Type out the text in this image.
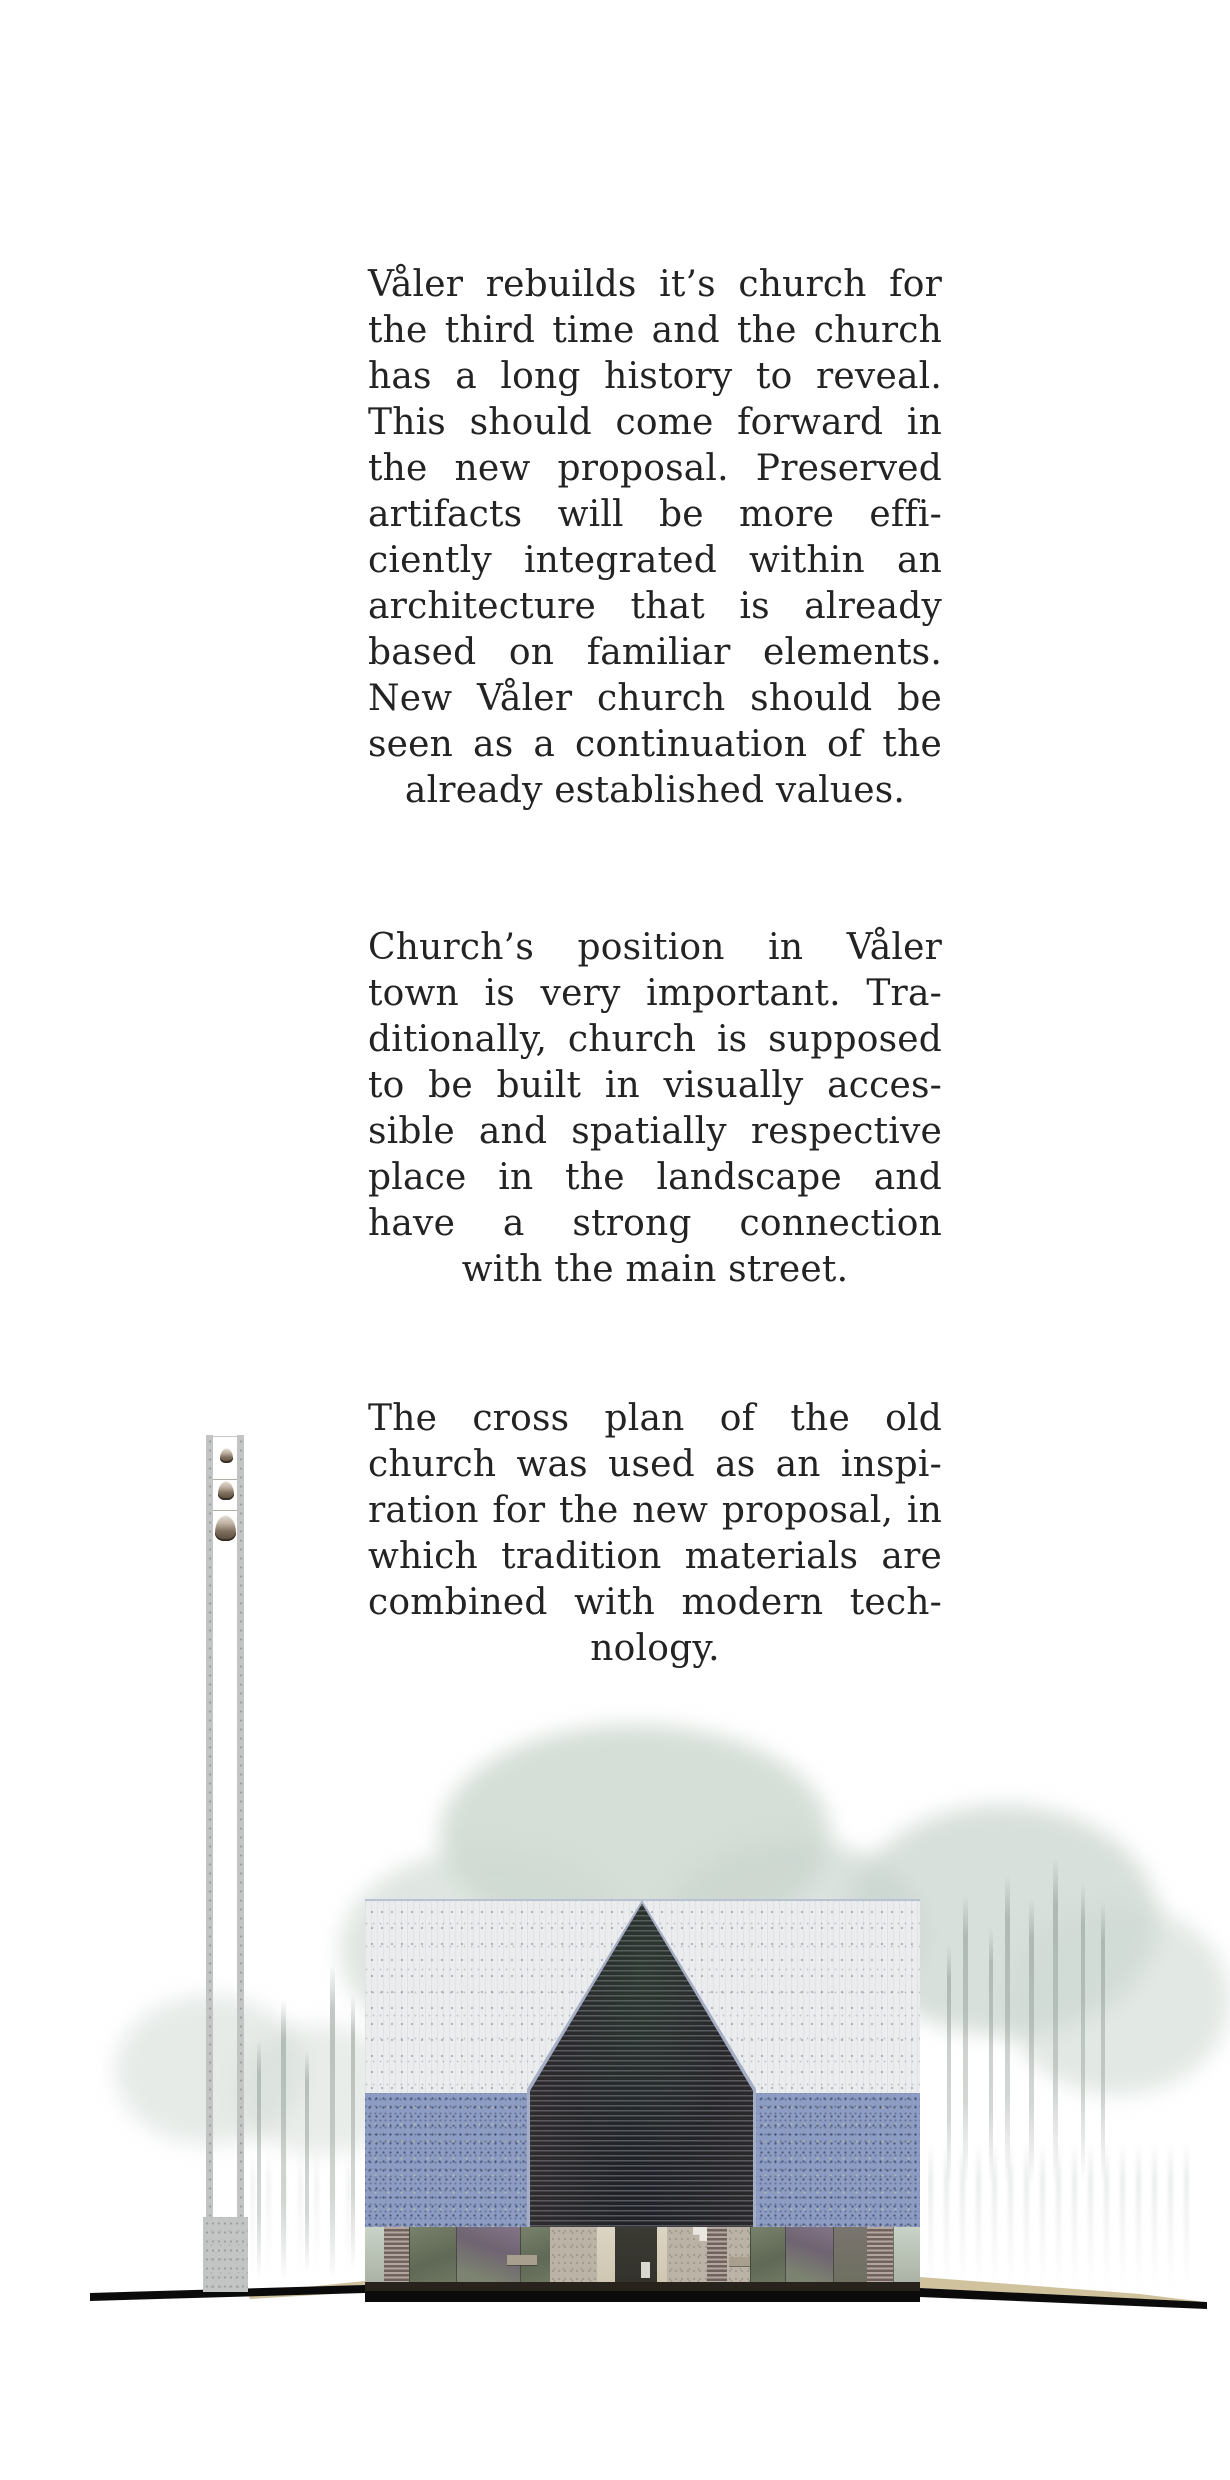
Våler rebuilds it’s church for
the third time and the church
has a long history to reveal.
This should come forward in
the new proposal. Preserved
artifacts will be more effi-
ciently integrated within an
architecture that is already
based on familiar elements.
New Våler church should be
seen as a continuation of the
already established values.
Church’s position in Våler
town is very important. Tra-
ditionally, church is supposed
to be built in visually acces-
sible and spatially respective
place in the landscape and
have a strong connection
with the main street.
The cross plan of the old
church was used as an inspi-
ration for the new proposal, in
which tradition materials are
combined with modern tech-
nology.
